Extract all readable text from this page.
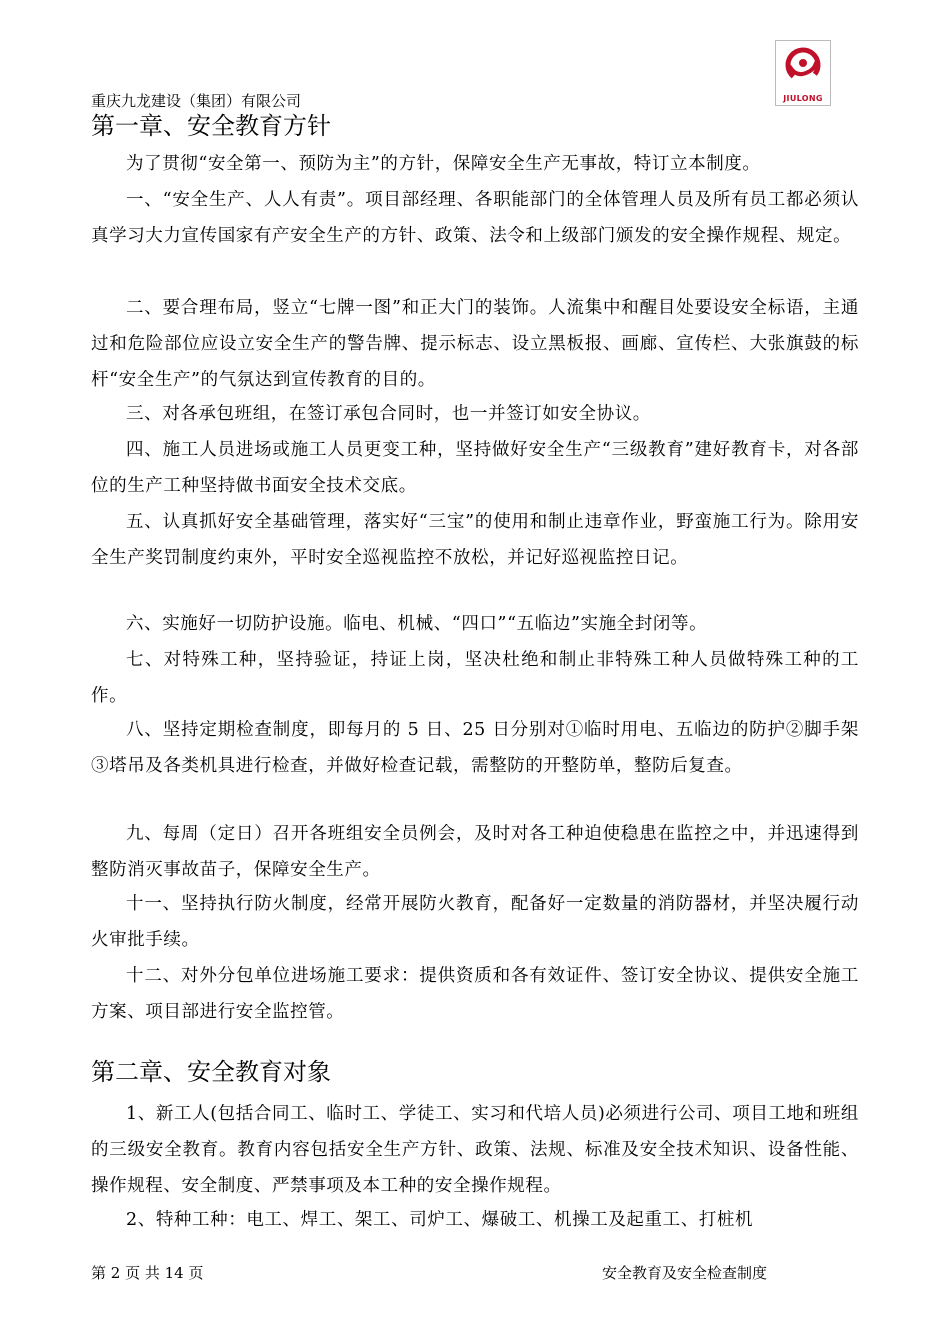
重庆九龙建设（集团）有限公司	JIULONG
第一章、安全教育方针

为了贯彻“安全第一、预防为主”的方针，保障安全生产无事故，特订立本制度。

一、“安全生产、人人有责”。项目部经理、各职能部门的全体管理人员及所有员工都必须认真学习大力宣传国家有产安全生产的方针、政策、法令和上级部门颁发的安全操作规程、规定。

二、要合理布局，竖立“七牌一图”和正大门的装饰。人流集中和醒目处要设安全标语，主通过和危险部位应设立安全生产的警告牌、提示标志、设立黑板报、画廊、宣传栏、大张旗鼓的标杆“安全生产”的气氛达到宣传教育的目的。

三、对各承包班组，在签订承包合同时，也一并签订如安全协议。

四、施工人员进场或施工人员更变工种，坚持做好安全生产“三级教育”建好教育卡，对各部位的生产工种坚持做书面安全技术交底。

五、认真抓好安全基础管理，落实好“三宝”的使用和制止违章作业，野蛮施工行为。除用安全生产奖罚制度约束外，平时安全巡视监控不放松，并记好巡视监控日记。

六、实施好一切防护设施。临电、机械、“四口”“五临边”实施全封闭等。

七、对特殊工种，坚持验证，持证上岗，坚决杜绝和制止非特殊工种人员做特殊工种的工作。

八、坚持定期检查制度，即每月的 5 日、25 日分别对①临时用电、五临边的防护②脚手架③塔吊及各类机具进行检查，并做好检查记载，需整防的开整防单，整防后复查。

九、每周（定日）召开各班组安全员例会，及时对各工种迫使稳患在监控之中，并迅速得到整防消灭事故苗子，保障安全生产。

十一、坚持执行防火制度，经常开展防火教育，配备好一定数量的消防器材，并坚决履行动火审批手续。

十二、对外分包单位进场施工要求：提供资质和各有效证件、签订安全协议、提供安全施工方案、项目部进行安全监控管。

第二章、安全教育对象

1、新工人(包括合同工、临时工、学徒工、实习和代培人员)必须进行公司、项目工地和班组的三级安全教育。教育内容包括安全生产方针、政策、法规、标准及安全技术知识、设备性能、操作规程、安全制度、严禁事项及本工种的安全操作规程。

2、特种工种：电工、焊工、架工、司炉工、爆破工、机操工及起重工、打桩机

第 2 页 共 14 页	安全教育及安全检查制度
